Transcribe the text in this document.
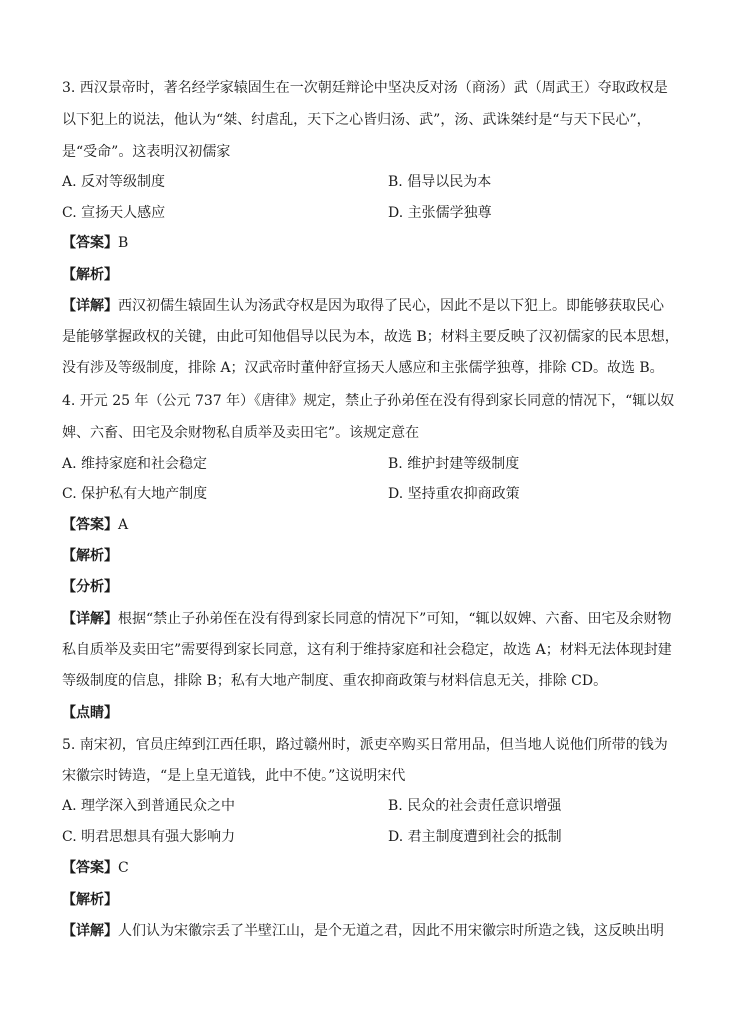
3. 西汉景帝时，著名经学家辕固生在一次朝廷辩论中坚决反对汤（商汤）武（周武王）夺取政权是
以下犯上的说法，他认为“桀、纣虐乱，天下之心皆归汤、武”，汤、武诛桀纣是“与天下民心”，
是“受命”。这表明汉初儒家
A. 反对等级制度	B. 倡导以民为本
C. 宣扬天人感应	D. 主张儒学独尊
【答案】B
【解析】
【详解】西汉初儒生辕固生认为汤武夺权是因为取得了民心，因此不是以下犯上。即能够获取民心
是能够掌握政权的关键，由此可知他倡导以民为本，故选 B；材料主要反映了汉初儒家的民本思想，
没有涉及等级制度，排除 A；汉武帝时董仲舒宣扬天人感应和主张儒学独尊，排除 CD。故选 B。
4. 开元 25 年（公元 737 年）《唐律》规定，禁止子孙弟侄在没有得到家长同意的情况下，“辄以奴
婢、六畜、田宅及余财物私自质举及卖田宅”。该规定意在
A. 维持家庭和社会稳定	B. 维护封建等级制度
C. 保护私有大地产制度	D. 坚持重农抑商政策
【答案】A
【解析】
【分析】
【详解】根据“禁止子孙弟侄在没有得到家长同意的情况下”可知，“辄以奴婢、六畜、田宅及余财物
私自质举及卖田宅”需要得到家长同意，这有利于维持家庭和社会稳定，故选 A；材料无法体现封建
等级制度的信息，排除 B；私有大地产制度、重农抑商政策与材料信息无关，排除 CD。
【点睛】
5. 南宋初，官员庄绰到江西任职，路过赣州时，派吏卒购买日常用品，但当地人说他们所带的钱为
宋徽宗时铸造，“是上皇无道钱，此中不使。”这说明宋代
A. 理学深入到普通民众之中	B. 民众的社会责任意识增强
C. 明君思想具有强大影响力	D. 君主制度遭到社会的抵制
【答案】C
【解析】
【详解】人们认为宋徽宗丢了半壁江山，是个无道之君，因此不用宋徽宗时所造之钱，这反映出明
